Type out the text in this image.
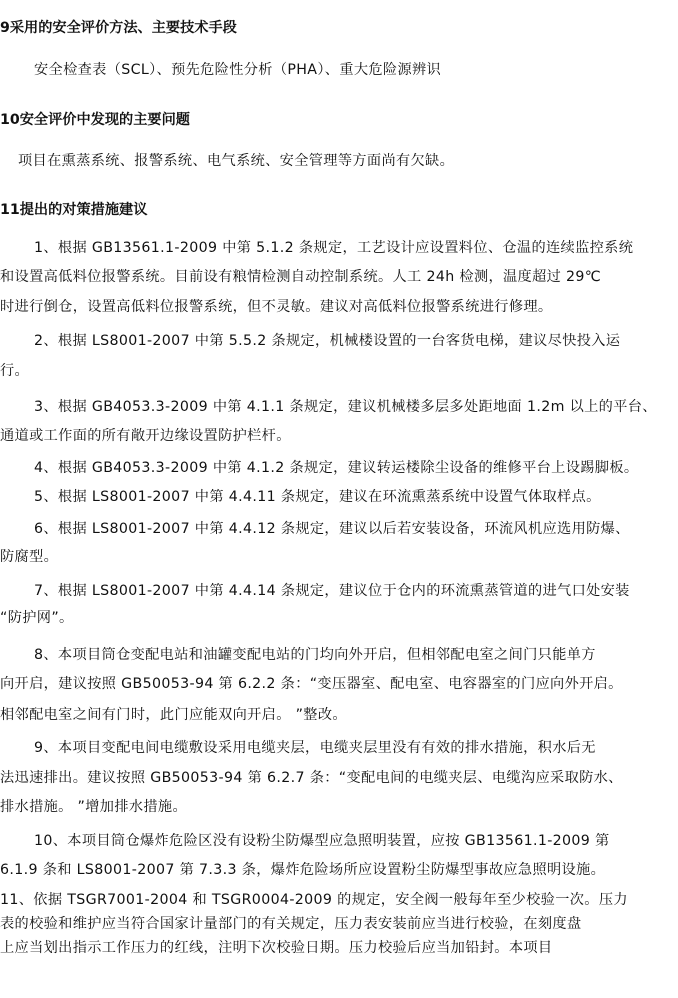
9采用的安全评价方法、主要技术手段
安全检查表（SCL）、预先危险性分析（PHA）、重大危险源辨识
10安全评价中发现的主要问题
项目在熏蒸系统、报警系统、电气系统、安全管理等方面尚有欠缺。
11提出的对策措施建议
1、根据 GB13561.1-2009 中第 5.1.2 条规定，工艺设计应设置料位、仓温的连续监控系统
和设置高低料位报警系统。目前设有粮情检测自动控制系统。人工 24h 检测，温度超过 29℃
时进行倒仓，设置高低料位报警系统，但不灵敏。建议对高低料位报警系统进行修理。
2、根据 LS8001-2007 中第 5.5.2 条规定，机械楼设置的一台客货电梯，建议尽快投入运
行。
3、根据 GB4053.3-2009 中第 4.1.1 条规定，建议机械楼多层多处距地面 1.2m 以上的平台、
通道或工作面的所有敞开边缘设置防护栏杆。
4、根据 GB4053.3-2009 中第 4.1.2 条规定，建议转运楼除尘设备的维修平台上设踢脚板。
5、根据 LS8001-2007 中第 4.4.11 条规定，建议在环流熏蒸系统中设置气体取样点。
6、根据 LS8001-2007 中第 4.4.12 条规定，建议以后若安装设备，环流风机应选用防爆、
防腐型。
7、根据 LS8001-2007 中第 4.4.14 条规定，建议位于仓内的环流熏蒸管道的进气口处安装
“防护网”。
8、本项目筒仓变配电站和油罐变配电站的门均向外开启，但相邻配电室之间门只能单方
向开启，建议按照 GB50053-94 第 6.2.2 条：“变压器室、配电室、电容器室的门应向外开启。
相邻配电室之间有门时，此门应能双向开启。 ”整改。
9、本项目变配电间电缆敷设采用电缆夹层，电缆夹层里没有有效的排水措施，积水后无
法迅速排出。建议按照 GB50053-94 第 6.2.7 条：“变配电间的电缆夹层、电缆沟应采取防水、
排水措施。 ”增加排水措施。
10、本项目筒仓爆炸危险区没有设粉尘防爆型应急照明装置，应按 GB13561.1-2009 第
6.1.9 条和 LS8001-2007 第 7.3.3 条，爆炸危险场所应设置粉尘防爆型事故应急照明设施。
11、依据 TSGR7001-2004 和 TSGR0004-2009 的规定，安全阀一般每年至少校验一次。压力
表的校验和维护应当符合国家计量部门的有关规定，压力表安装前应当进行校验，在刻度盘
上应当划出指示工作压力的红线，注明下次校验日期。压力校验后应当加铅封。本项目
